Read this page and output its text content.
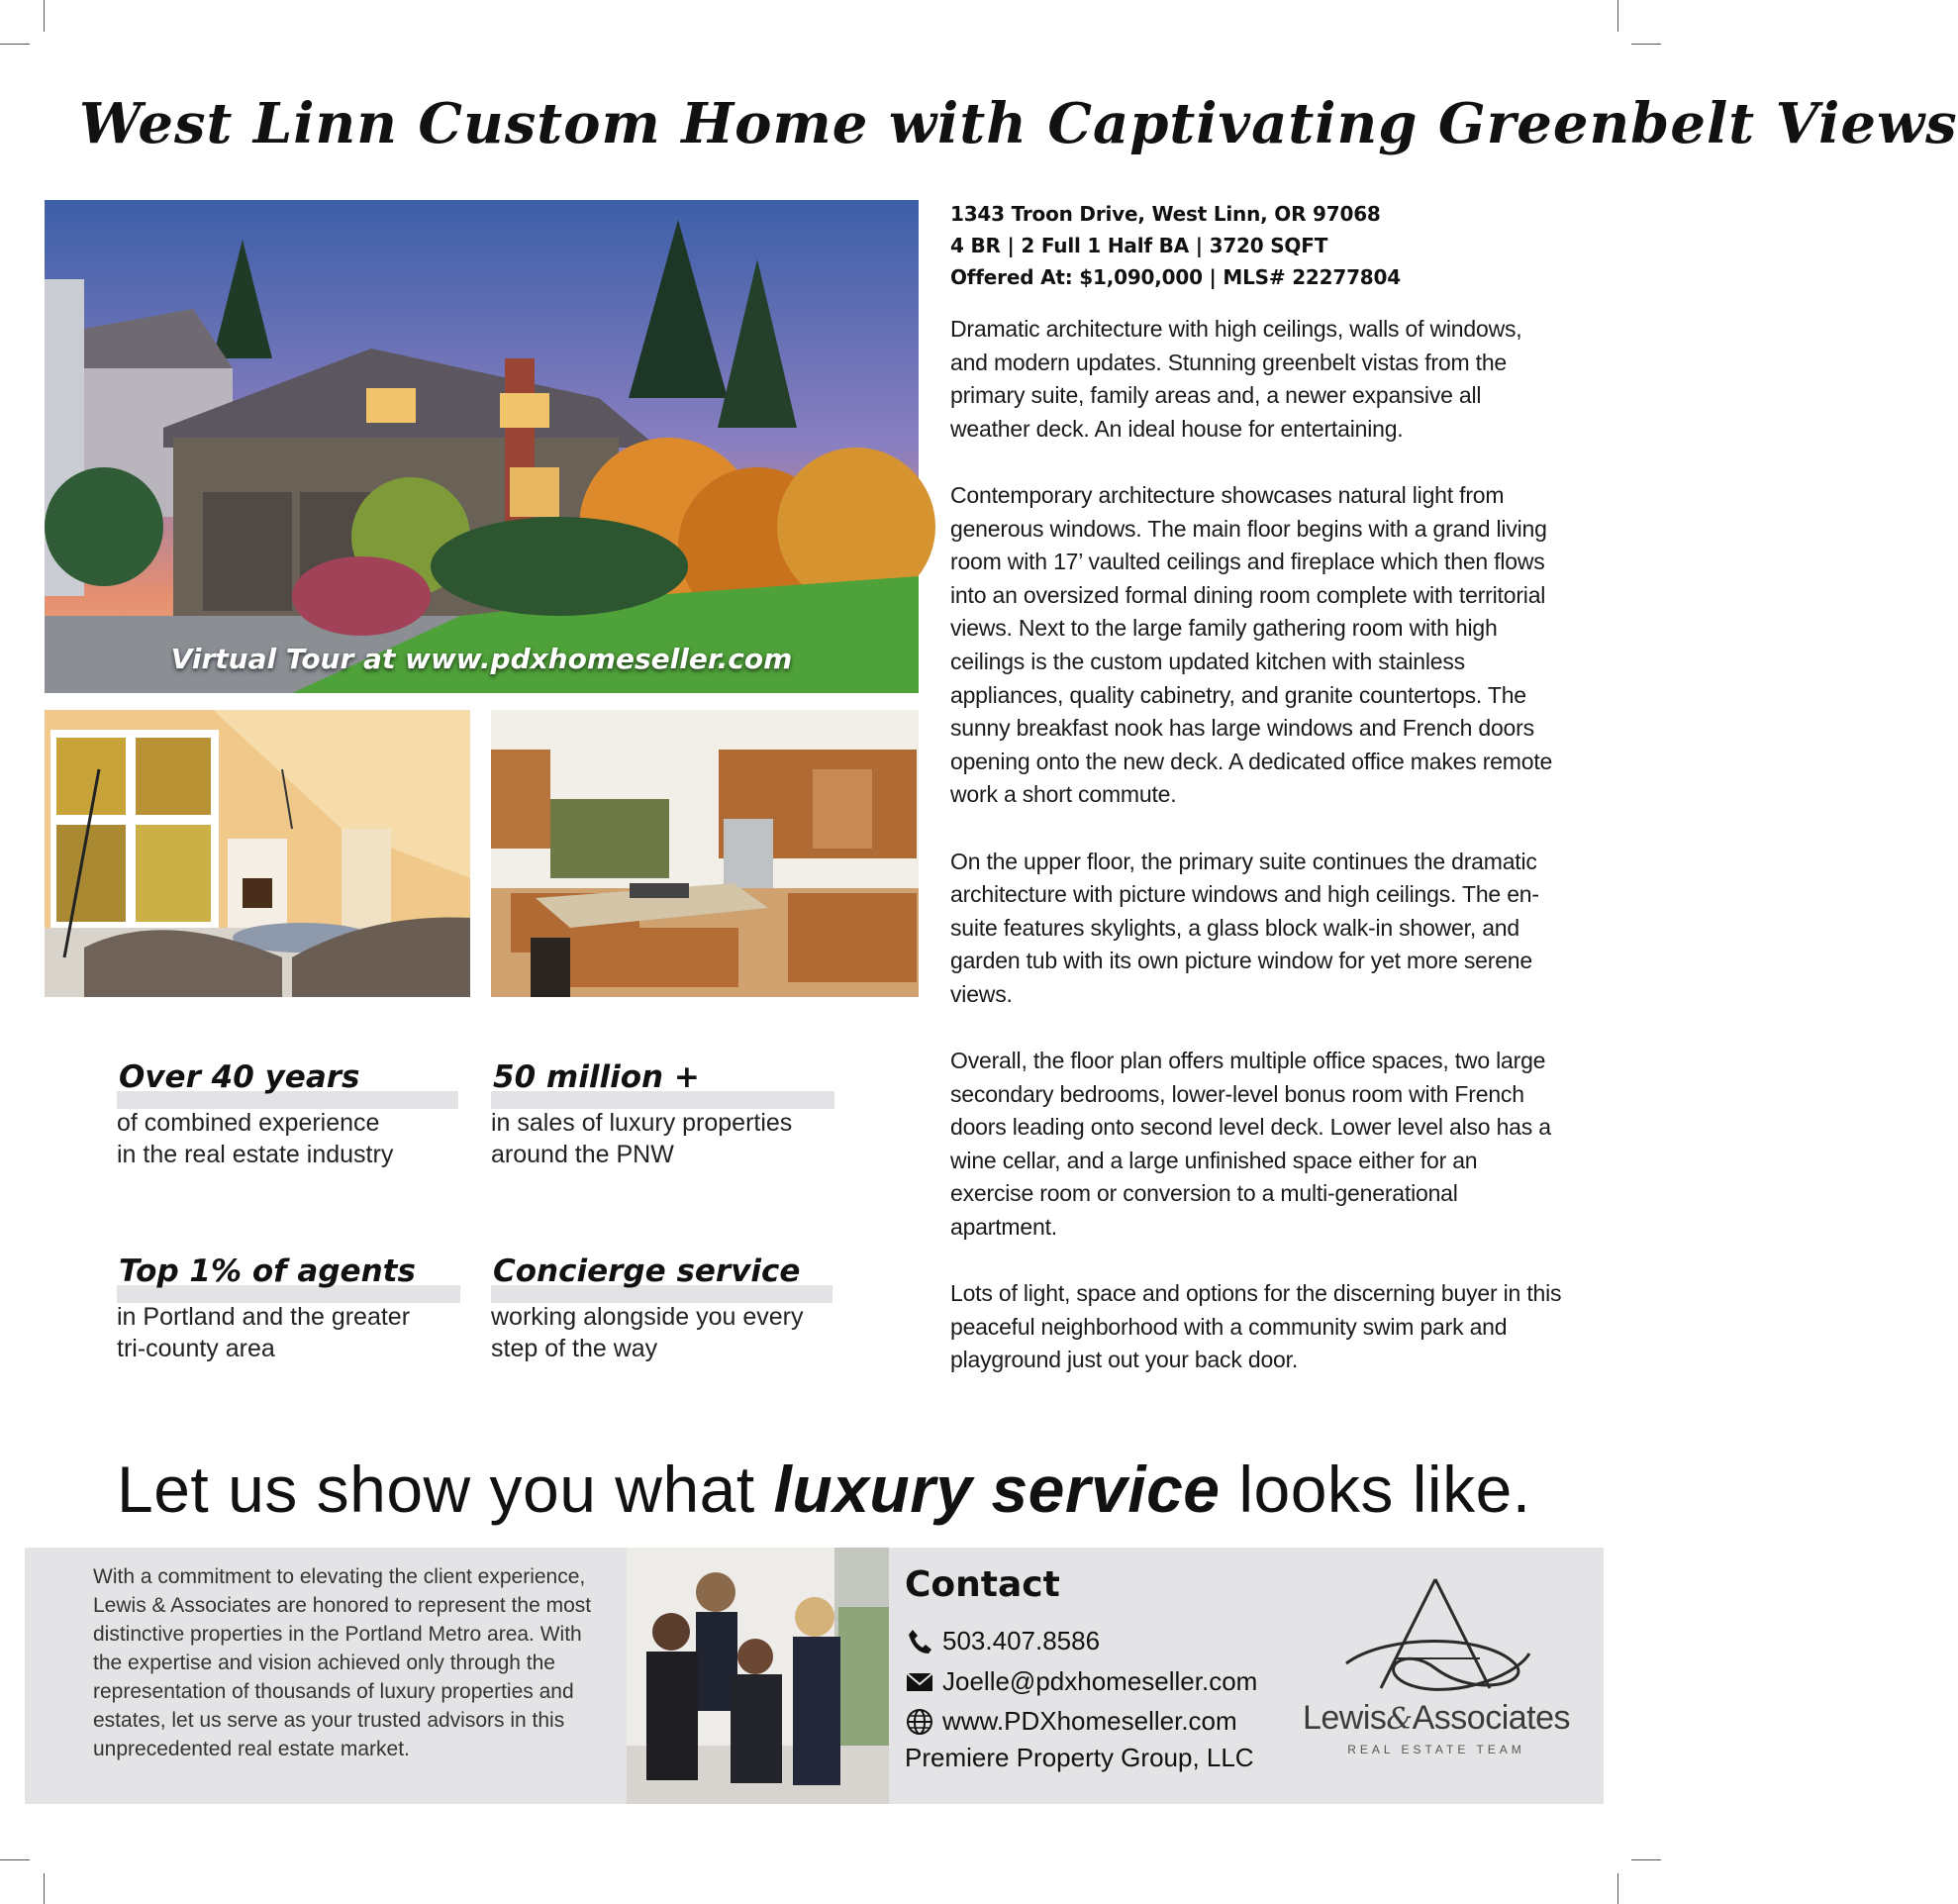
West Linn Custom Home with Captivating Greenbelt Views
Virtual Tour at www.pdxhomeseller.com
1343 Troon Drive, West Linn, OR 97068
4 BR | 2 Full 1 Half BA | 3720 SQFT
Offered At: $1,090,000 | MLS# 22277804

Dramatic architecture with high ceilings, walls of windows, and modern updates. Stunning greenbelt vistas from the primary suite, family areas and, a newer expansive all weather deck. An ideal house for entertaining.

Contemporary architecture showcases natural light from generous windows. The main floor begins with a grand living room with 17’ vaulted ceilings and fireplace which then flows into an oversized formal dining room complete with territorial views. Next to the large family gathering room with high ceilings is the custom updated kitchen with stainless appliances, quality cabinetry, and granite countertops. The sunny breakfast nook has large windows and French doors opening onto the new deck. A dedicated office makes remote work a short commute.

On the upper floor, the primary suite continues the dramatic architecture with picture windows and high ceilings. The en-suite features skylights, a glass block walk-in shower, and garden tub with its own picture window for yet more serene views.

Overall, the floor plan offers multiple office spaces, two large secondary bedrooms, lower-level bonus room with French doors leading onto second level deck. Lower level also has a wine cellar, and a large unfinished space either for an exercise room or conversion to a multi-generational apartment.

Lots of light, space and options for the discerning buyer in this peaceful neighborhood with a community swim park and playground just out your back door.

Over 40 years
of combined experience
in the real estate industry
50 million +
in sales of luxury properties
around the PNW
Top 1% of agents
in Portland and the greater
tri-county area
Concierge service
working alongside you every
step of the way
Let us show you what luxury service looks like.
With a commitment to elevating the client experience, Lewis & Associates are honored to represent the most distinctive properties in the Portland Metro area. With the expertise and vision achieved only through the representation of thousands of luxury properties and estates, let us serve as your trusted advisors in this unprecedented real estate market.
Contact
503.407.8586
Joelle@pdxhomeseller.com
www.PDXhomeseller.com
Premiere Property Group, LLC
Lewis&Associates
REAL ESTATE TEAM
